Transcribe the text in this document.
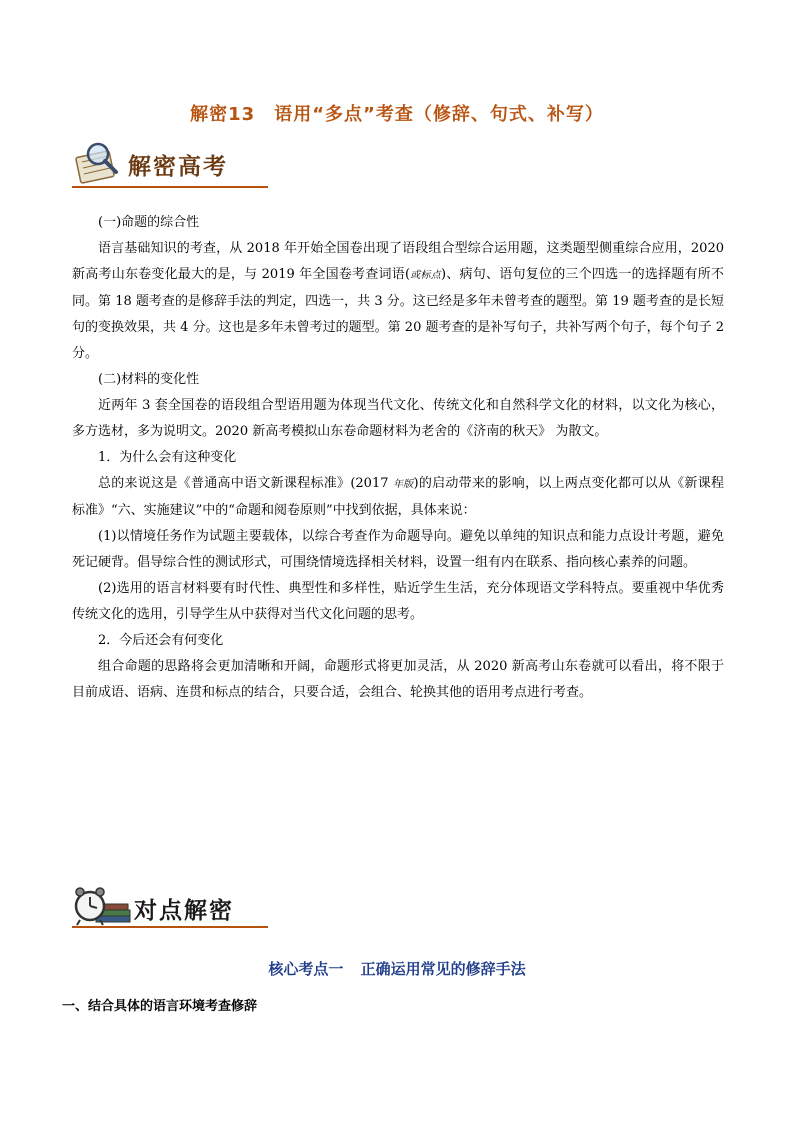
解密13　语用“多点”考查（修辞、句式、补写）
解密高考

(一)命题的综合性

语言基础知识的考查，从 2018 年开始全国卷出现了语段组合型综合运用题，这类题型侧重综合应用，2020 新高考山东卷变化最大的是，与 2019 年全国卷考查词语(或标点)、病句、语句复位的三个四选一的选择题有所不同。第 18 题考查的是修辞手法的判定，四选一，共 3 分。这已经是多年未曾考查的题型。第 19 题考查的是长短句的变换效果，共 4 分。这也是多年未曾考过的题型。第 20 题考查的是补写句子，共补写两个句子，每个句子 2 分。

(二)材料的变化性

近两年 3 套全国卷的语段组合型语用题为体现当代文化、传统文化和自然科学文化的材料，以文化为核心，多方选材，多为说明文。2020 新高考模拟山东卷命题材料为老舍的《济南的秋天》 为散文。

1．为什么会有这种变化

总的来说这是《普通高中语文新课程标准》(2017 年版)的启动带来的影响，以上两点变化都可以从《新课程标准》“六、实施建议”中的“命题和阅卷原则”中找到依据，具体来说：

(1)以情境任务作为试题主要载体，以综合考查作为命题导向。避免以单纯的知识点和能力点设计考题，避免死记硬背。倡导综合性的测试形式，可围绕情境选择相关材料，设置一组有内在联系、指向核心素养的问题。

(2)选用的语言材料要有时代性、典型性和多样性，贴近学生生活，充分体现语文学科特点。要重视中华优秀传统文化的选用，引导学生从中获得对当代文化问题的思考。

2．今后还会有何变化

组合命题的思路将会更加清晰和开阔，命题形式将更加灵活，从 2020 新高考山东卷就可以看出，将不限于目前成语、语病、连贯和标点的结合，只要合适，会组合、轮换其他的语用考点进行考查。

对点解密
核心考点一 正确运用常见的修辞手法
一、结合具体的语言环境考查修辞
